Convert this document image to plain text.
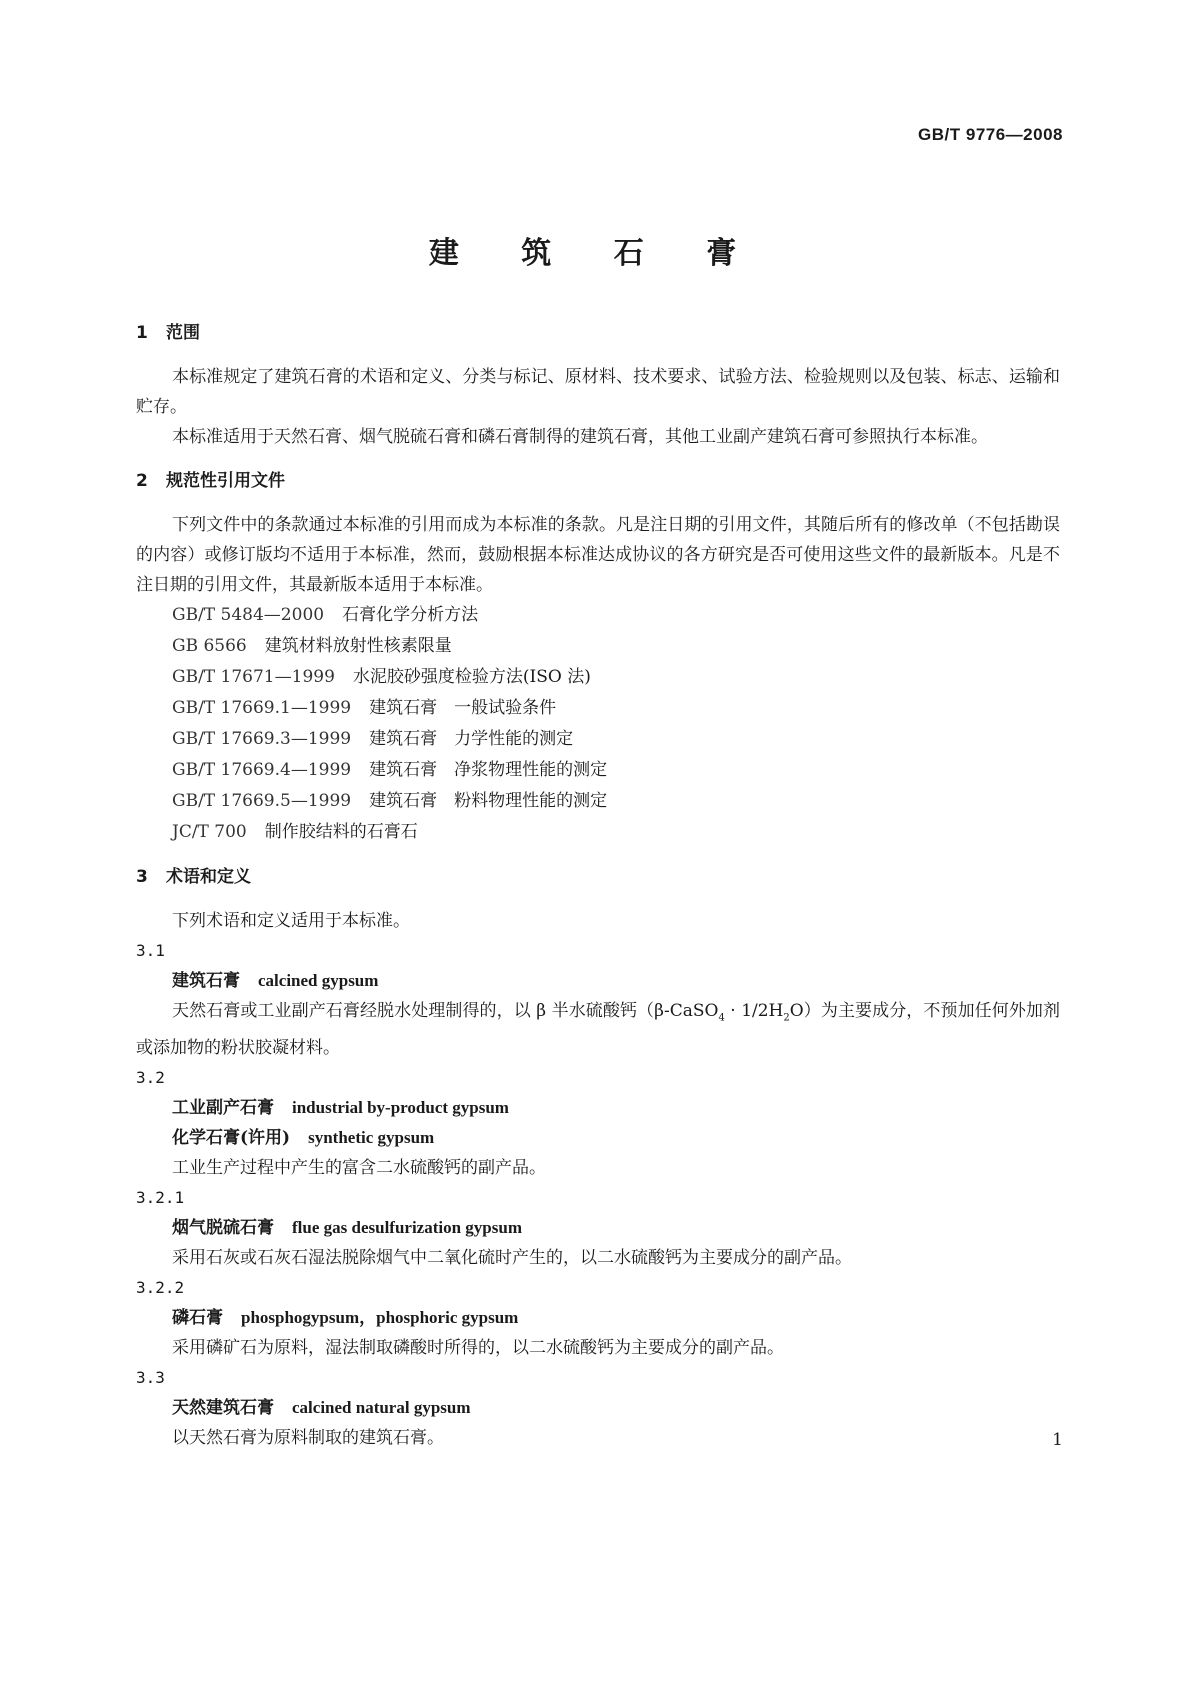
GB/T 9776—2008
建 筑 石 膏

1 范围

本标准规定了建筑石膏的术语和定义、分类与标记、原材料、技术要求、试验方法、检验规则以及包装、标志、运输和贮存。

本标准适用于天然石膏、烟气脱硫石膏和磷石膏制得的建筑石膏，其他工业副产建筑石膏可参照执行本标准。

2 规范性引用文件

下列文件中的条款通过本标准的引用而成为本标准的条款。凡是注日期的引用文件，其随后所有的修改单（不包括勘误的内容）或修订版均不适用于本标准，然而，鼓励根据本标准达成协议的各方研究是否可使用这些文件的最新版本。凡是不注日期的引用文件，其最新版本适用于本标准。

GB/T 5484—2000 石膏化学分析方法
GB 6566 建筑材料放射性核素限量
GB/T 17671—1999 水泥胶砂强度检验方法(ISO 法)
GB/T 17669.1—1999 建筑石膏　一般试验条件
GB/T 17669.3—1999 建筑石膏　力学性能的测定
GB/T 17669.4—1999 建筑石膏　净浆物理性能的测定
GB/T 17669.5—1999 建筑石膏　粉料物理性能的测定
JC/T 700 制作胶结料的石膏石

3 术语和定义

下列术语和定义适用于本标准。

3.1

建筑石膏 calcined gypsum

天然石膏或工业副产石膏经脱水处理制得的，以 β 半水硫酸钙（β-CaSO$_4$ · $1/2H_2O$）为主要成分，不预加任何外加剂或添加物的粉状胶凝材料。

3.2

工业副产石膏 industrial by-product gypsum

化学石膏(许用) synthetic gypsum

工业生产过程中产生的富含二水硫酸钙的副产品。

3.2.1

烟气脱硫石膏 flue gas desulfurization gypsum

采用石灰或石灰石湿法脱除烟气中二氧化硫时产生的，以二水硫酸钙为主要成分的副产品。

3.2.2

磷石膏 phosphogypsum，phosphoric gypsum

采用磷矿石为原料，湿法制取磷酸时所得的，以二水硫酸钙为主要成分的副产品。

3.3

天然建筑石膏 calcined natural gypsum

以天然石膏为原料制取的建筑石膏。	1
